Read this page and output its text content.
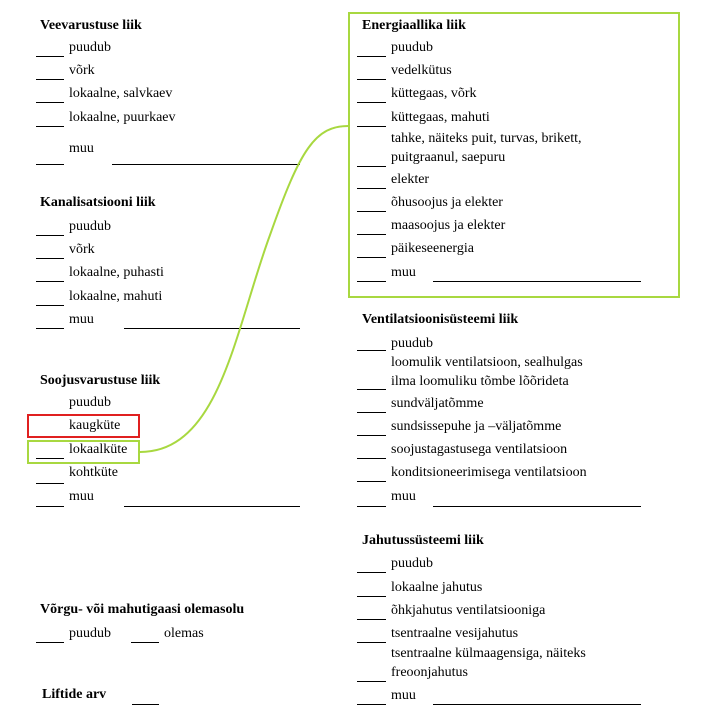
Veevarustuse liik
puudub
võrk
lokaalne, salvkaev
lokaalne, puurkaev
muu
Kanalisatsiooni liik
puudub
võrk
lokaalne, puhasti
lokaalne, mahuti
muu
Soojusvarustuse liik
puudub
kaugküte
lokaalküte
kohtküte
muu
Võrgu- või mahutigaasi olemasolu
puudub	olemas
Liftide arv
Energiaallika liik
puudub
vedelkütus
küttegaas, võrk
küttegaas, mahuti
tahke, näiteks puit, turvas, brikett,
puitgraanul, saepuru
elekter
õhusoojus ja elekter
maasoojus ja elekter
päikeseenergia
muu
Ventilatsioonisüsteemi liik
puudub
loomulik ventilatsioon, sealhulgas
ilma loomuliku tõmbe lõõrideta
sundväljatõmme
sundsissepuhe ja –väljatõmme
soojustagastusega ventilatsioon
konditsioneerimisega ventilatsioon
muu
Jahutussüsteemi liik
puudub
lokaalne jahutus
õhkjahutus ventilatsiooniga
tsentraalne vesijahutus
tsentraalne külmaagensiga, näiteks
freoonjahutus
muu
